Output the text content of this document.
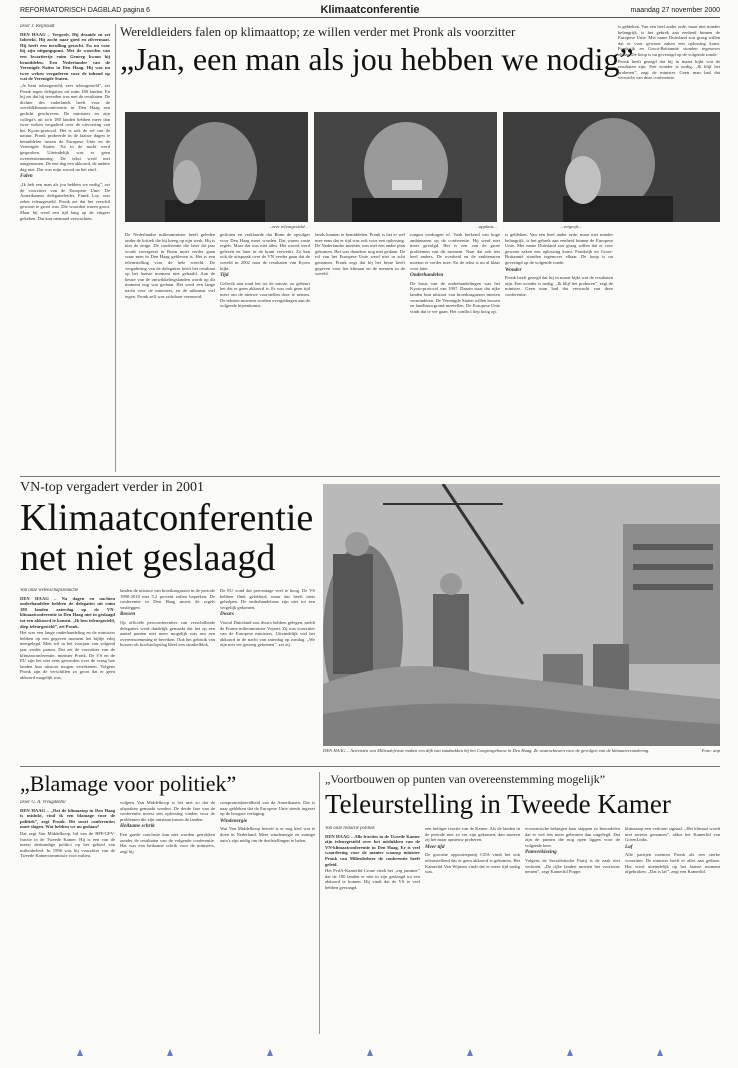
REFORMATORISCH DAGBLAD pagina 6	Klimaatconferentie	maandag 27 november 2000
Door J. Reijnoudt

DEN HAAG – Vergeefs. Hij draaide en zei fabriekt. Hij zocht naar goed en zilvermaat. Hij heeft een invulling gezocht. En nu voor hij zijn uitgangspunt. Met de woorden van een kwartiertje ruim Genoeg kwam hij bemiddelen. Een Nederlander van de Verenigde Naties in Den Haag. Hij was nu twee weken vergaderen voor de inhoud op wat de Verenigde Staten.

„Je bent teleurgesteld, zeer teleurgesteld”, zei Pronk tegen delegaties uit ruim 180 landen. En hij zei dat hij tevreden was met de resultaten. De dichter des vaderlands heeft voor de wereldklimaatconferentie in Den Haag een gedicht geschreven. De ministers en zijn collega's uit zo'n 180 landen hebben meer dan twee weken vergaderd over de uitvoering van het Kyoto-protocol. Het is ook de rol van de natuur. Pronk probeerde in de laatste dagen te bemiddelen tussen de Europese Unie en de Verenigde Staten. Tot in de nacht werd gesproken. Uiteindelijk was er geen overeenstemming. De tekst werd niet aangenomen. De ene dag een akkoord, de andere dag niet. Dat was mijn woord na het eind.

Falen

„Ik heb een man als jou hebben we nodig”, zei de voorzitter van de Europese Unie. De Amerikaanse delegatieleider, Frank Loy, was zeker teleurgesteld. Pronk zei dat het verschil gewoon te groot was. Die woorden waren groot. Maar hij werd een tijd lang op de vingers gekeken. Dat kon niemand verwachten.

Wereldleiders falen op klimaattop; ze willen verder met Pronk als voorzitter
„Jan, een man als jou hebben we nodig”
...zeer teleurgesteld...	...applaus...	...vergeefs...

De Nederlandse milieuminister heeft geleden onder de kritiek die hij kreeg op zijn werk. Hij is niet de enige. De conferentie die later dit jaar wordt voortgezet in Bonn moet verder gaan waar men in Den Haag gebleven is. Het is een teleurstelling voor de hele wereld. De vergadering van de delegaties heeft het resultaat op het laatste moment niet gehaald. Aan de keuze van de ontwikkelingslanden wordt op dit moment nog wat gedaan. Het werd een lange nacht voor de ministers, en de uitkomst viel tegen. Pronk zelf was zichtbaar vermoeid.

gesloten en verklaarde dat Bonn de opvolger voor Den Haag moet worden. Dat waren vaste regels. Maar dat was niet alles. Het woord werd gelezen en later in de krant verwerkt. Zo kan ook de uitspraak over de VN verder gaan dat de wereld in 2002 naar de resultaten van Kyoto kijkt.

Tijd

Gelovik aan rond het tot de missie, zo gebeurt het dat er geen akkoord is. Er was ook geen tijd meer om de nieuwe voorstellen door te nemen. De teksten moesten worden overgedragen aan de volgende bijeenkomst.

lands kunnen te bemiddelen. Pronk is het er wel mee eens dat er tijd was ook voor een oplossing. De Nederlandse minister was met een ander plan gekomen. Het was daardoor nog niet gedaan. De rol van het Europese Unie werd niet in acht genomen. Pronk zegt dat hij het beste heeft gegeven voor het klimaat en de mensen in de wereld.

rongen verdragen of. Vaak herkend van hoge ambtenaren op de conferentie. Hij werd niet meer gevolgd. Het is een van de grote problemen van dit moment. Naar dat ook iets heel anders. De overheid en de ambtenaren moeten er verder mee. En de tekst is nu al klaar voor later.

Onderhandelen

De basis van de onderhandelingen was het Kyoto-protocol van 1997. Daarin staat dat rijke landen hun uitstoot van broeikasgassen moeten verminderen. De Verenigde Staten willen bossen en landbouwgrond meetellen. De Europese Unie vindt dat te ver gaan. Het conflict liep hoog op.

is gebleken. Van een heel ander orde, maar niet minder belangrijk, is het gebrek aan eenheid binnen de Europese Unie. Met name Duitsland zou graag willen dat er voor gewone zaken een oplossing komt. Frankrijk en Groot-Brittannië stonden tegenover elkaar. De hoop is nu gevestigd op de volgende ronde.

Wonder

Pronk heeft gezegd dat hij in maart kijkt wat de resultaten zijn. Een wonder is nodig. „Ik blijf het proberen”, zegt de minister. Geen man had dat verwacht van deze conferentie.

is gebleken. Van een heel ander orde, maar niet minder belangrijk, is het gebrek aan eenheid binnen de Europese Unie. Met name Duitsland zou graag willen dat er voor gewone zaken een oplossing komt. Frankrijk en Groot-Brittannië stonden tegenover elkaar. De hoop is nu gevestigd op de volgende ronde.

Pronk heeft gezegd dat hij in maart kijkt wat de resultaten zijn. Een wonder is nodig. „Ik blijf het proberen”, zegt de minister. Geen man had dat verwacht van deze conferentie.

VN-top vergadert verder in 2001
Klimaatconferentie net niet geslaagd
Van onze wetenschapsredactie

DEN HAAG – Na dagen en nachten onderhandelen hebben de delegaties uit ruim 180 landen zaterdag op de VN-klimaatconferentie in Den Haag niet in geslaagd tot een akkoord te komen. „Ik ben teleurgesteld, diep teleurgesteld”, zei Pronk.

Het was een lange onderhandeling en de ministers hebben op een gegeven moment het bijltje erbij neergelegd. Men wil in het voorjaar van volgend jaar verder praten. Dat zei de voorzitter van de klimaatconferentie, minister Pronk. De VS en de EU zijn het niet eens geworden over de vraag hoe landen hun uitstoot mogen verrekenen. Volgens Pronk zijn de verschillen zo groot dat er geen akkoord mogelijk was.

landen de uitstoot van broeikasgassen in de periode 1990-2010 met 5,2 procent zullen beperken. De conferentie in Den Haag moest de regels vastleggen.

Bossen

Op officiële persconferenties van verschillende delegaties werd duidelijk gemaakt dat het op een aantal punten niet meer mogelijk was om een overeenstemming te bereiken. Ook het gebruik van bossen als koolstofopslag bleef een struikelblok.

De EU vond dat percentage veel te hoog. De VS hebben flink gelobbyd, maar dat heeft niets geholpen. De onderhandelaars zijn niet tot een vergelijk gekomen.

Dwars

Vooral Duitsland zou dwars hebben gelegen, meldt de Franse milieuminister Voynet. Zij was voorzitter van de Europese ministers. Uiteindelijk viel het akkoord in de nacht van zaterdag op zondag. „We zijn niet ver genoeg gekomen”, zei zij.

DEN HAAG – Activisten van Milieudefensie maken een dijk van zandzakken bij het Congresgebouw in Den Haag. Ze waarschuwen voor de gevolgen van de klimaatverandering.	Foto: anp
„Blamage voor politiek”
Door G. A. Vreugdenhil

DEN HAAG – „Dat de klimaatop in Den Haag is mislukt, vind ik een blamage voor de politiek”, zegt Pronk. Dit soort conferenties moet slagen. Wat hebben we nu gedaan?

Dat zegt Van Middelkoop, lid van de RPF/GPV-fractie in de Tweede Kamer. Hij is een van de meest deskundige politici op het gebied van milieubeleid. In 1996 was hij voorzitter van de Tweede Kamercommissie voor milieu.

volgens Van Middelkoop is het niet zo dat de afspraken gemaakt werden. De derde fase van de conferentie moest een oplossing vinden voor de problemen die zijn ontstaan tussen de landen.

Heilzame schrik

Een goede conclusie kan niet worden getrokken zonder de resultaten van de volgende conferentie. Het was een heilzame schrik voor de ministers, zegt hij.

compromisbereidheid van de Amerikanen. Dat is naar gebleken dat de Europese Unie steeds ingezet op de hoogste verlaging.

Windenergie

Wat Van Middelkoop betreft is er nog heel wat te doen in Nederland. Meer windenergie en zuinige auto's zijn nodig om de doelstellingen te halen.

„Voortbouwen op punten van overeenstemming mogelijk”
Teleurstelling in Tweede Kamer
Van onze redactie politiek

DEN HAAG – Alle fracties in de Tweede Kamer zijn teleurgesteld over het mislukken van de VN-klimaatconferentie in Den Haag. Er is veel waardering voor de manier waarop minister Pronk van Milieubeheer de conferentie heeft geleid.

Het PvdA-Kamerlid Crone vindt het „erg jammer” dat de 180 landen er niet in zijn geslaagd tot een akkoord te komen. Hij vindt dat de VS te veel hebben gevraagd.

een heftiger reactie van de Kamer. Als de landen in de periode niet zo ver zijn gekomen, dan moeten zij het maar opnieuw proberen.

Meer tijd

De grootste oppositiepartij CDA vindt het ook teleurstellend dat er geen akkoord is gekomen. Het Kamerlid Van Wijmen vindt dat er meer tijd nodig was.

economische belangen haar stappen zo beoordelen dat er wel iets meer gebeuren dan uitgelegd. Dat zijn de punten die nog open liggen voor de volgende keer.

Pamverkiezing

Volgens de Socialistische Partij is de zaak niet verloren. „De rijke landen moeten het voortouw nemen”, zegt Kamerlid Poppe.

klimaatop een verloren signaal. „Het klimaat wordt niet serieus genomen”, aldus het Kamerlid van GroenLinks.

Laf

Alle partijen noemen Pronk als een sterke voorzitter. De minister heeft er alles aan gedaan. Het werd uiteindelijk op het laatste moment afgebroken. „Dat is laf”, zegt een Kamerlid.
